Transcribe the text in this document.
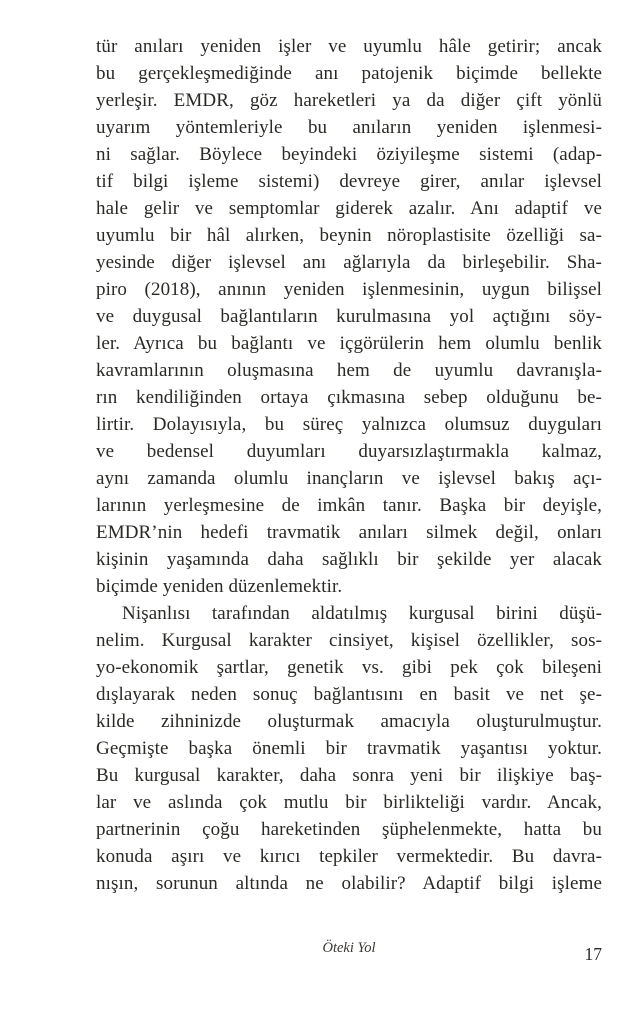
tür anıları yeniden işler ve uyumlu hâle getirir; ancak
bu gerçekleşmediğinde anı patojenik biçimde bellekte
yerleşir. EMDR, göz hareketleri ya da diğer çift yönlü
uyarım yöntemleriyle bu anıların yeniden işlenmesi-
ni sağlar. Böylece beyindeki öziyileşme sistemi (adap-
tif bilgi işleme sistemi) devreye girer, anılar işlevsel
hale gelir ve semptomlar giderek azalır. Anı adaptif ve
uyumlu bir hâl alırken, beynin nöroplastisite özelliği sa-
yesinde diğer işlevsel anı ağlarıyla da birleşebilir. Sha-
piro (2018), anının yeniden işlenmesinin, uygun bilişsel
ve duygusal bağlantıların kurulmasına yol açtığını söy-
ler. Ayrıca bu bağlantı ve içgörülerin hem olumlu benlik
kavramlarının oluşmasına hem de uyumlu davranışla-
rın kendiliğinden ortaya çıkmasına sebep olduğunu be-
lirtir. Dolayısıyla, bu süreç yalnızca olumsuz duyguları
ve bedensel duyumları duyarsızlaştırmakla kalmaz,
aynı zamanda olumlu inançların ve işlevsel bakış açı-
larının yerleşmesine de imkân tanır. Başka bir deyişle,
EMDR’nin hedefi travmatik anıları silmek değil, onları
kişinin yaşamında daha sağlıklı bir şekilde yer alacak
biçimde yeniden düzenlemektir.
Nişanlısı tarafından aldatılmış kurgusal birini düşü-
nelim. Kurgusal karakter cinsiyet, kişisel özellikler, sos-
yo-ekonomik şartlar, genetik vs. gibi pek çok bileşeni
dışlayarak neden sonuç bağlantısını en basit ve net şe-
kilde zihninizde oluşturmak amacıyla oluşturulmuştur.
Geçmişte başka önemli bir travmatik yaşantısı yoktur.
Bu kurgusal karakter, daha sonra yeni bir ilişkiye baş-
lar ve aslında çok mutlu bir birlikteliği vardır. Ancak,
partnerinin çoğu hareketinden şüphelenmekte, hatta bu
konuda aşırı ve kırıcı tepkiler vermektedir. Bu davra-
nışın, sorunun altında ne olabilir? Adaptif bilgi işleme
Öteki Yol	17
